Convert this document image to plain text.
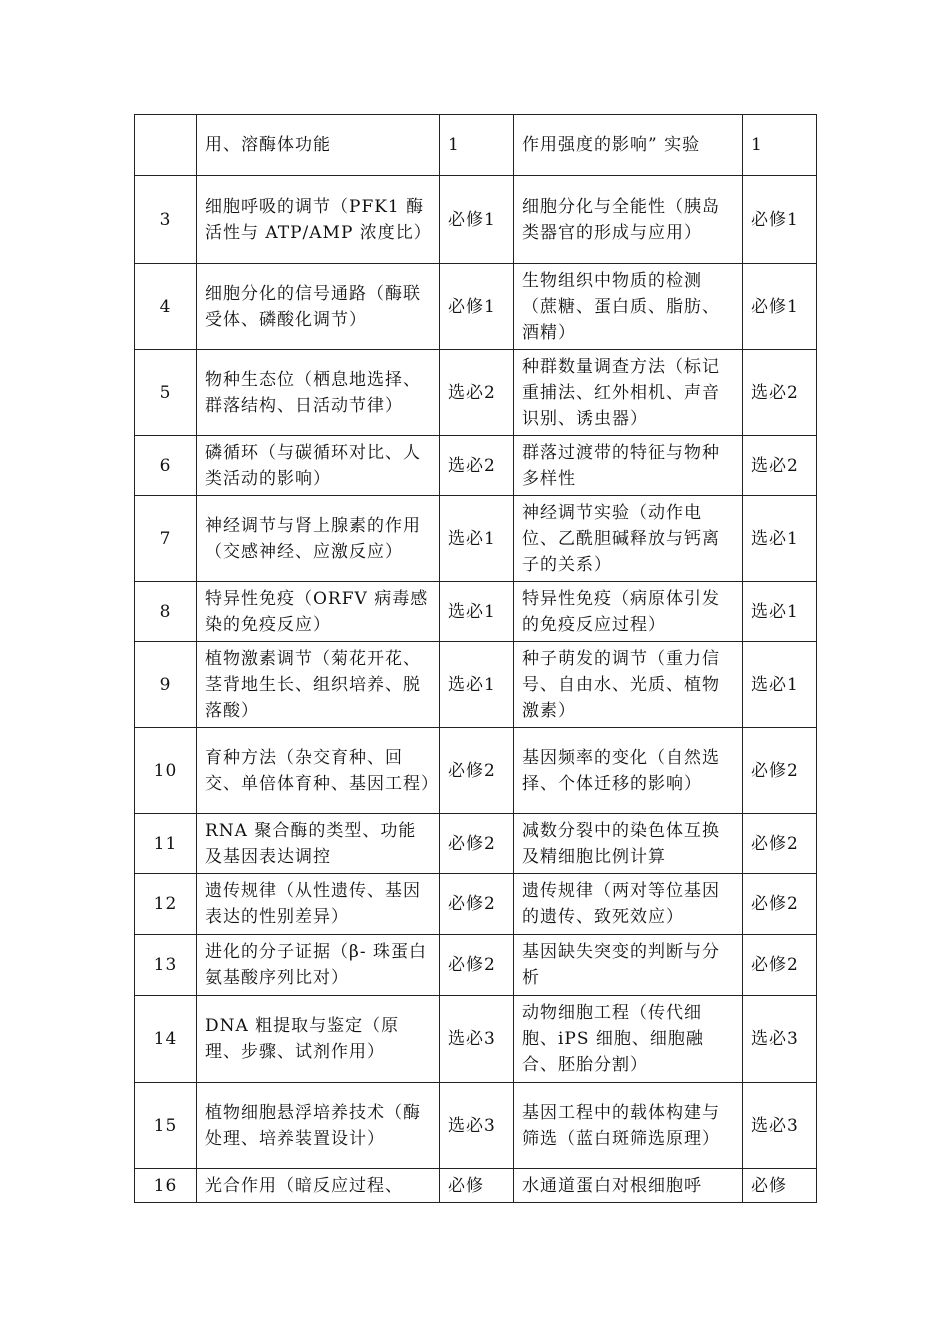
	用、溶酶体功能	1	作用强度的影响” 实验	1
3	细胞呼吸的调节（PFK1 酶活性与 ATP/AMP 浓度比）	必修1	细胞分化与全能性（胰岛类器官的形成与应用）	必修1
4	细胞分化的信号通路（酶联受体、磷酸化调节）	必修1	生物组织中物质的检测（蔗糖、蛋白质、脂肪、酒精）	必修1
5	物种生态位（栖息地选择、群落结构、日活动节律）	选必2	种群数量调查方法（标记重捕法、红外相机、声音识别、诱虫器）	选必2
6	磷循环（与碳循环对比、人类活动的影响）	选必2	群落过渡带的特征与物种多样性	选必2
7	神经调节与肾上腺素的作用（交感神经、应激反应）	选必1	神经调节实验（动作电位、乙酰胆碱释放与钙离子的关系）	选必1
8	特异性免疫（ORFV 病毒感染的免疫反应）	选必1	特异性免疫（病原体引发的免疫反应过程）	选必1
9	植物激素调节（菊花开花、茎背地生长、组织培养、脱落酸）	选必1	种子萌发的调节（重力信号、自由水、光质、植物激素）	选必1
10	育种方法（杂交育种、回交、单倍体育种、基因工程）	必修2	基因频率的变化（自然选择、个体迁移的影响）	必修2
11	RNA 聚合酶的类型、功能及基因表达调控	必修2	减数分裂中的染色体互换及精细胞比例计算	必修2
12	遗传规律（从性遗传、基因表达的性别差异）	必修2	遗传规律（两对等位基因的遗传、致死效应）	必修2
13	进化的分子证据（β- 珠蛋白氨基酸序列比对）	必修2	基因缺失突变的判断与分析	必修2
14	DNA 粗提取与鉴定（原理、步骤、试剂作用）	选必3	动物细胞工程（传代细胞、iPS 细胞、细胞融合、胚胎分割）	选必3
15	植物细胞悬浮培养技术（酶处理、培养装置设计）	选必3	基因工程中的载体构建与筛选（蓝白斑筛选原理）	选必3
16	光合作用（暗反应过程、	必修	水通道蛋白对根细胞呼	必修
